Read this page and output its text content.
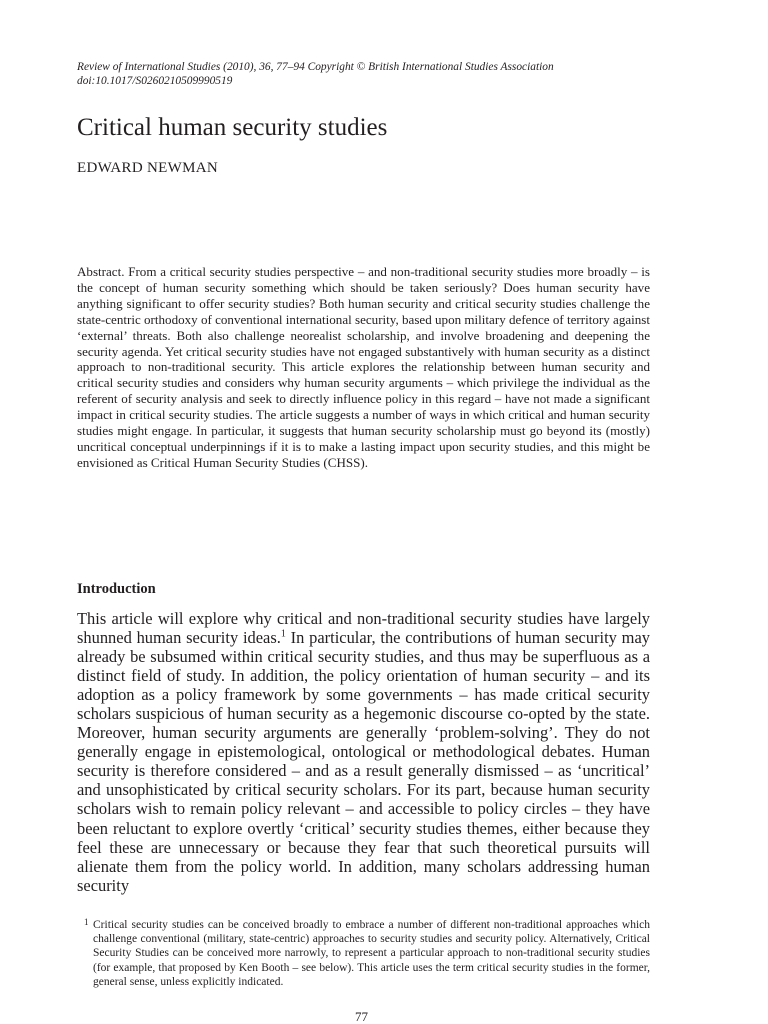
Review of International Studies (2010), 36, 77–94 Copyright © British International Studies Association
doi:10.1017/S0260210509990519
Critical human security studies
EDWARD NEWMAN
Abstract. From a critical security studies perspective – and non-traditional security studies more broadly – is the concept of human security something which should be taken seriously? Does human security have anything significant to offer security studies? Both human security and critical security studies challenge the state-centric orthodoxy of conventional international security, based upon military defence of territory against ‘external’ threats. Both also challenge neorealist scholarship, and involve broadening and deepening the security agenda. Yet critical security studies have not engaged substantively with human security as a distinct approach to non-traditional security. This article explores the relationship between human security and critical security studies and considers why human security arguments – which privilege the individual as the referent of security analysis and seek to directly influence policy in this regard – have not made a significant impact in critical security studies. The article suggests a number of ways in which critical and human security studies might engage. In particular, it suggests that human security scholarship must go beyond its (mostly) uncritical conceptual underpinnings if it is to make a lasting impact upon security studies, and this might be envisioned as Critical Human Security Studies (CHSS).
Introduction
This article will explore why critical and non-traditional security studies have largely shunned human security ideas.$^1$ In particular, the contributions of human security may already be subsumed within critical security studies, and thus may be superfluous as a distinct field of study. In addition, the policy orientation of human security – and its adoption as a policy framework by some governments – has made critical security scholars suspicious of human security as a hegemonic discourse co-opted by the state. Moreover, human security arguments are generally ‘problem-solving’. They do not generally engage in epistemological, ontological or methodological debates. Human security is therefore considered – and as a result generally dismissed – as ‘uncritical’ and unsophisticated by critical security scholars. For its part, because human security scholars wish to remain policy relevant – and accessible to policy circles – they have been reluctant to explore overtly ‘critical’ security studies themes, either because they feel these are unnecessary or because they fear that such theoretical pursuits will alienate them from the policy world. In addition, many scholars addressing human security
1 Critical security studies can be conceived broadly to embrace a number of different non-traditional approaches which challenge conventional (military, state-centric) approaches to security studies and security policy. Alternatively, Critical Security Studies can be conceived more narrowly, to represent a particular approach to non-traditional security studies (for example, that proposed by Ken Booth – see below). This article uses the term critical security studies in the former, general sense, unless explicitly indicated.
77
